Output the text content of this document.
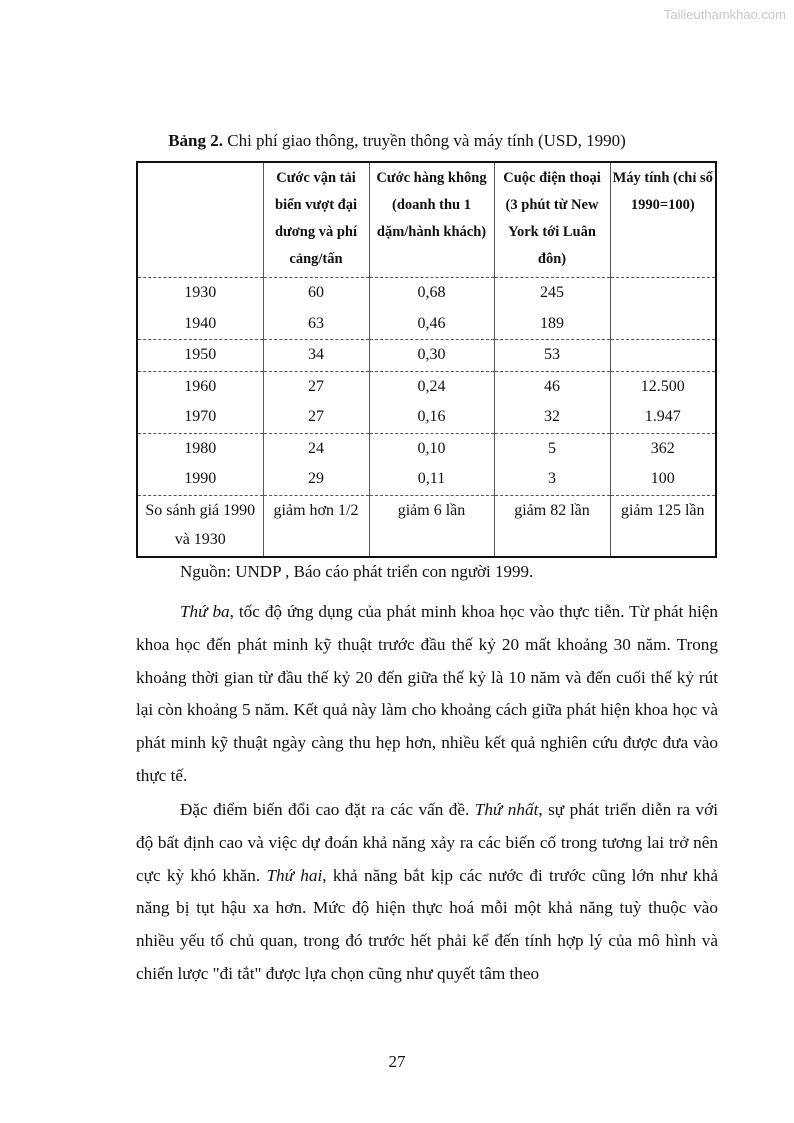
Tailieuthamkhao.com
Bảng 2. Chi phí giao thông, truyền thông và máy tính (USD, 1990)
	Cước vận tải biển vượt đại dương và phí cảng/tấn	Cước hàng không (doanh thu 1 dặm/hành khách)	Cuộc điện thoại (3 phút từ New York tới Luân đôn)	Máy tính (chỉ số 1990=100)
1930	60	0,68	245	
1940	63	0,46	189	
1950	34	0,30	53	
1960	27	0,24	46	12.500
1970	27	0,16	32	1.947
1980	24	0,10	5	362
1990	29	0,11	3	100
So sánh giá 1990 và 1930	giảm hơn 1/2	giảm 6 lần	giảm 82 lần	giảm 125 lần
Nguồn: UNDP , Báo cáo phát triển con người 1999.

Thứ ba, tốc độ ứng dụng của phát minh khoa học vào thực tiễn. Từ phát hiện khoa học đến phát minh kỹ thuật trước đầu thế kỷ 20 mất khoảng 30 năm. Trong khoảng thời gian từ đầu thế kỷ 20 đến giữa thế kỷ là 10 năm và đến cuối thế kỷ rút lại còn khoảng 5 năm. Kết quả này làm cho khoảng cách giữa phát hiện khoa học và phát minh kỹ thuật ngày càng thu hẹp hơn, nhiều kết quả nghiên cứu được đưa vào thực tế.

Đặc điểm biến đổi cao đặt ra các vấn đề. Thứ nhất, sự phát triển diễn ra với độ bất định cao và việc dự đoán khả năng xảy ra các biến cố trong tương lai trở nên cực kỳ khó khăn. Thứ hai, khả năng bắt kịp các nước đi trước cũng lớn như khả năng bị tụt hậu xa hơn. Mức độ hiện thực hoá mỗi một khả năng tuỳ thuộc vào nhiều yếu tố chủ quan, trong đó trước hết phải kể đến tính hợp lý của mô hình và chiến lược "đi tắt" được lựa chọn cũng như quyết tâm theo

27
